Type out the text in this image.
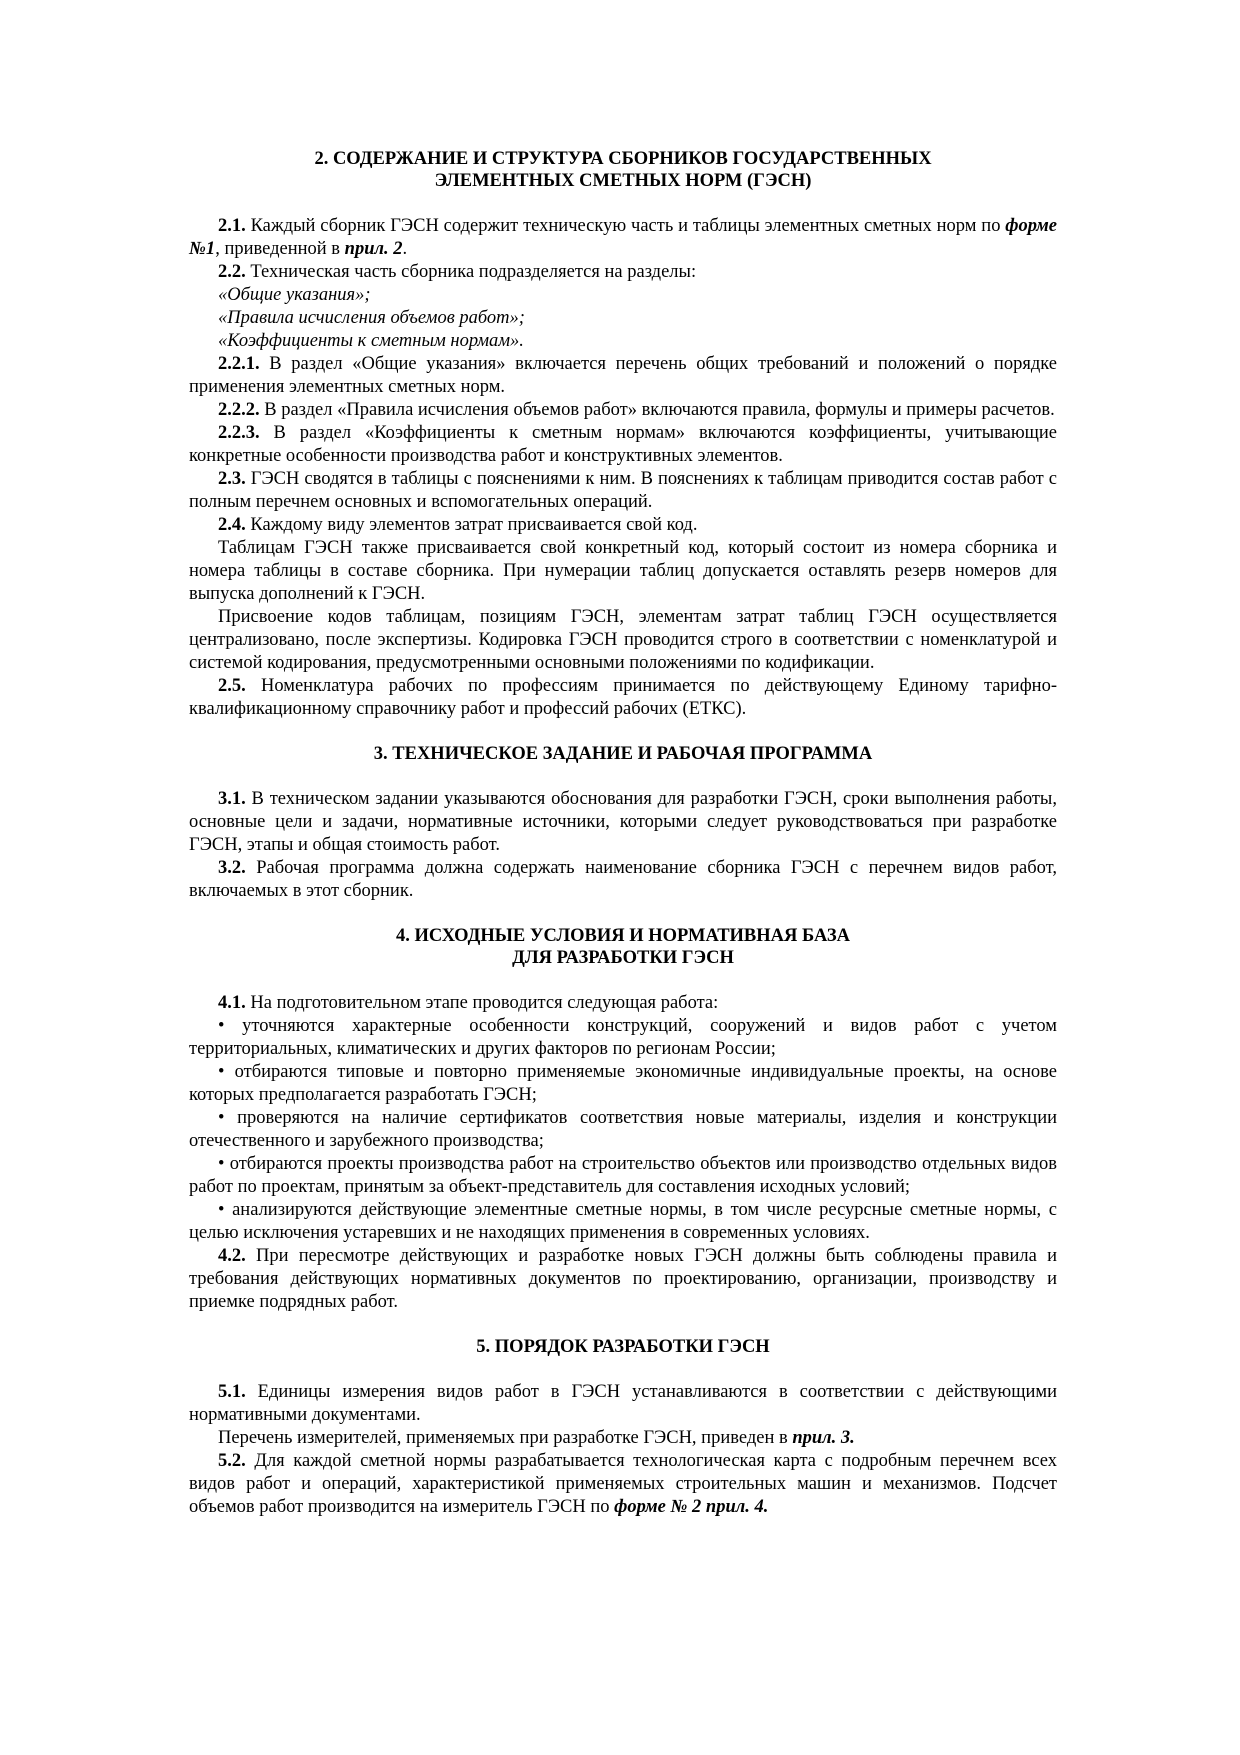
2. СОДЕРЖАНИЕ И СТРУКТУРА СБОРНИКОВ ГОСУДАРСТВЕННЫХ
ЭЛЕМЕНТНЫХ СМЕТНЫХ НОРМ (ГЭСН)

2.1. Каждый сборник ГЭСН содержит техническую часть и таблицы элементных сметных норм по форме №1, приведенной в прил. 2.

2.2. Техническая часть сборника подразделяется на разделы:

«Общие указания»;

«Правила исчисления объемов работ»;

«Коэффициенты к сметным нормам».

2.2.1. В раздел «Общие указания» включается перечень общих требований и положений о порядке применения элементных сметных норм.

2.2.2. В раздел «Правила исчисления объемов работ» включаются правила, формулы и примеры расчетов.

2.2.3. В раздел «Коэффициенты к сметным нормам» включаются коэффициенты, учитывающие конкретные особенности производства работ и конструктивных элементов.

2.3. ГЭСН сводятся в таблицы с пояснениями к ним. В пояснениях к таблицам приводится состав работ с полным перечнем основных и вспомогательных операций.

2.4. Каждому виду элементов затрат присваивается свой код.

Таблицам ГЭСН также присваивается свой конкретный код, который состоит из номера сборника и номера таблицы в составе сборника. При нумерации таблиц допускается оставлять резерв номеров для выпуска дополнений к ГЭСН.

Присвоение кодов таблицам, позициям ГЭСН, элементам затрат таблиц ГЭСН осуществляется централизовано, после экспертизы. Кодировка ГЭСН проводится строго в соответствии с номенклатурой и системой кодирования, предусмотренными основными положениями по кодификации.

2.5. Номенклатура рабочих по профессиям принимается по действующему Единому тарифно-квалификационному справочнику работ и профессий рабочих (ЕТКС).

3. ТЕХНИЧЕСКОЕ ЗАДАНИЕ И РАБОЧАЯ ПРОГРАММА

3.1. В техническом задании указываются обоснования для разработки ГЭСН, сроки выполнения работы, основные цели и задачи, нормативные источники, которыми следует руководствоваться при разработке ГЭСН, этапы и общая стоимость работ.

3.2. Рабочая программа должна содержать наименование сборника ГЭСН с перечнем видов работ, включаемых в этот сборник.

4. ИСХОДНЫЕ УСЛОВИЯ И НОРМАТИВНАЯ БАЗА
ДЛЯ РАЗРАБОТКИ ГЭСН

4.1. На подготовительном этапе проводится следующая работа:

• уточняются характерные особенности конструкций, сооружений и видов работ с учетом территориальных, климатических и других факторов по регионам России;

• отбираются типовые и повторно применяемые экономичные индивидуальные проекты, на основе которых предполагается разработать ГЭСН;

• проверяются на наличие сертификатов соответствия новые материалы, изделия и конструкции отечественного и зарубежного производства;

• отбираются проекты производства работ на строительство объектов или производство отдельных видов работ по проектам, принятым за объект-представитель для составления исходных условий;

• анализируются действующие элементные сметные нормы, в том числе ресурсные сметные нормы, с целью исключения устаревших и не находящих применения в современных условиях.

4.2. При пересмотре действующих и разработке новых ГЭСН должны быть соблюдены правила и требования действующих нормативных документов по проектированию, организации, производству и приемке подрядных работ.

5. ПОРЯДОК РАЗРАБОТКИ ГЭСН

5.1. Единицы измерения видов работ в ГЭСН устанавливаются в соответствии с действующими нормативными документами.

Перечень измерителей, применяемых при разработке ГЭСН, приведен в прил. 3.

5.2. Для каждой сметной нормы разрабатывается технологическая карта с подробным перечнем всех видов работ и операций, характеристикой применяемых строительных машин и механизмов. Подсчет объемов работ производится на измеритель ГЭСН по форме № 2 прил. 4.
